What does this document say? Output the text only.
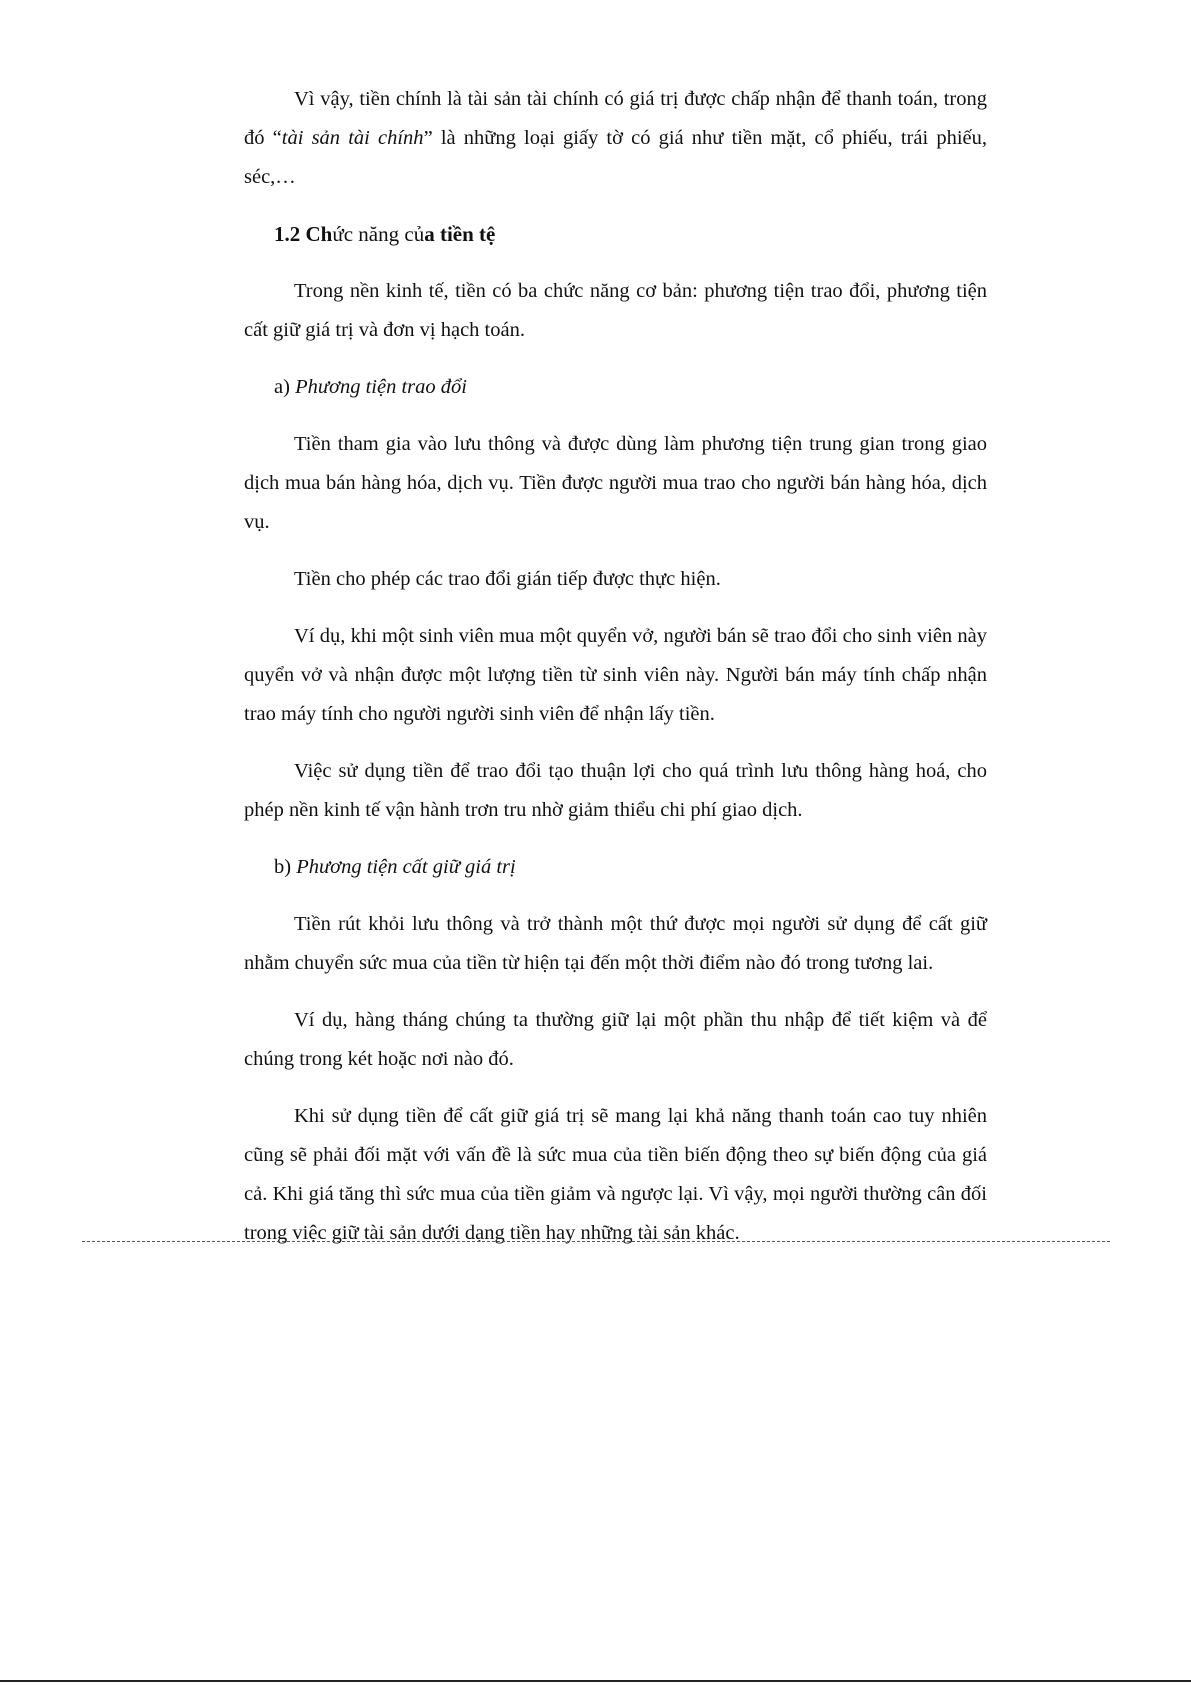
Vì vậy, tiền chính là tài sản tài chính có giá trị được chấp nhận để thanh toán, trong đó “tài sản tài chính” là những loại giấy tờ có giá như tiền mặt, cổ phiếu, trái phiếu, séc,…

1.2 Chức năng của tiền tệ

Trong nền kinh tế, tiền có ba chức năng cơ bản: phương tiện trao đổi, phương tiện cất giữ giá trị và đơn vị hạch toán.

a) Phương tiện trao đổi

Tiền tham gia vào lưu thông và được dùng làm phương tiện trung gian trong giao dịch mua bán hàng hóa, dịch vụ. Tiền được người mua trao cho người bán hàng hóa, dịch vụ.

Tiền cho phép các trao đổi gián tiếp được thực hiện.

Ví dụ, khi một sinh viên mua một quyển vở, người bán sẽ trao đổi cho sinh viên này quyển vở và nhận được một lượng tiền từ sinh viên này. Người bán máy tính chấp nhận trao máy tính cho người người sinh viên để nhận lấy tiền.

Việc sử dụng tiền để trao đổi tạo thuận lợi cho quá trình lưu thông hàng hoá, cho phép nền kinh tế vận hành trơn tru nhờ giảm thiểu chi phí giao dịch.

b) Phương tiện cất giữ giá trị

Tiền rút khỏi lưu thông và trở thành một thứ được mọi người sử dụng để cất giữ nhằm chuyển sức mua của tiền từ hiện tại đến một thời điểm nào đó trong tương lai.

Ví dụ, hàng tháng chúng ta thường giữ lại một phần thu nhập để tiết kiệm và để chúng trong két hoặc nơi nào đó.

Khi sử dụng tiền để cất giữ giá trị sẽ mang lại khả năng thanh toán cao tuy nhiên cũng sẽ phải đối mặt với vấn đề là sức mua của tiền biến động theo sự biến động của giá cả. Khi giá tăng thì sức mua của tiền giảm và ngược lại. Vì vậy, mọi người thường cân đối trong việc giữ tài sản dưới dạng tiền hay những tài sản khác.
